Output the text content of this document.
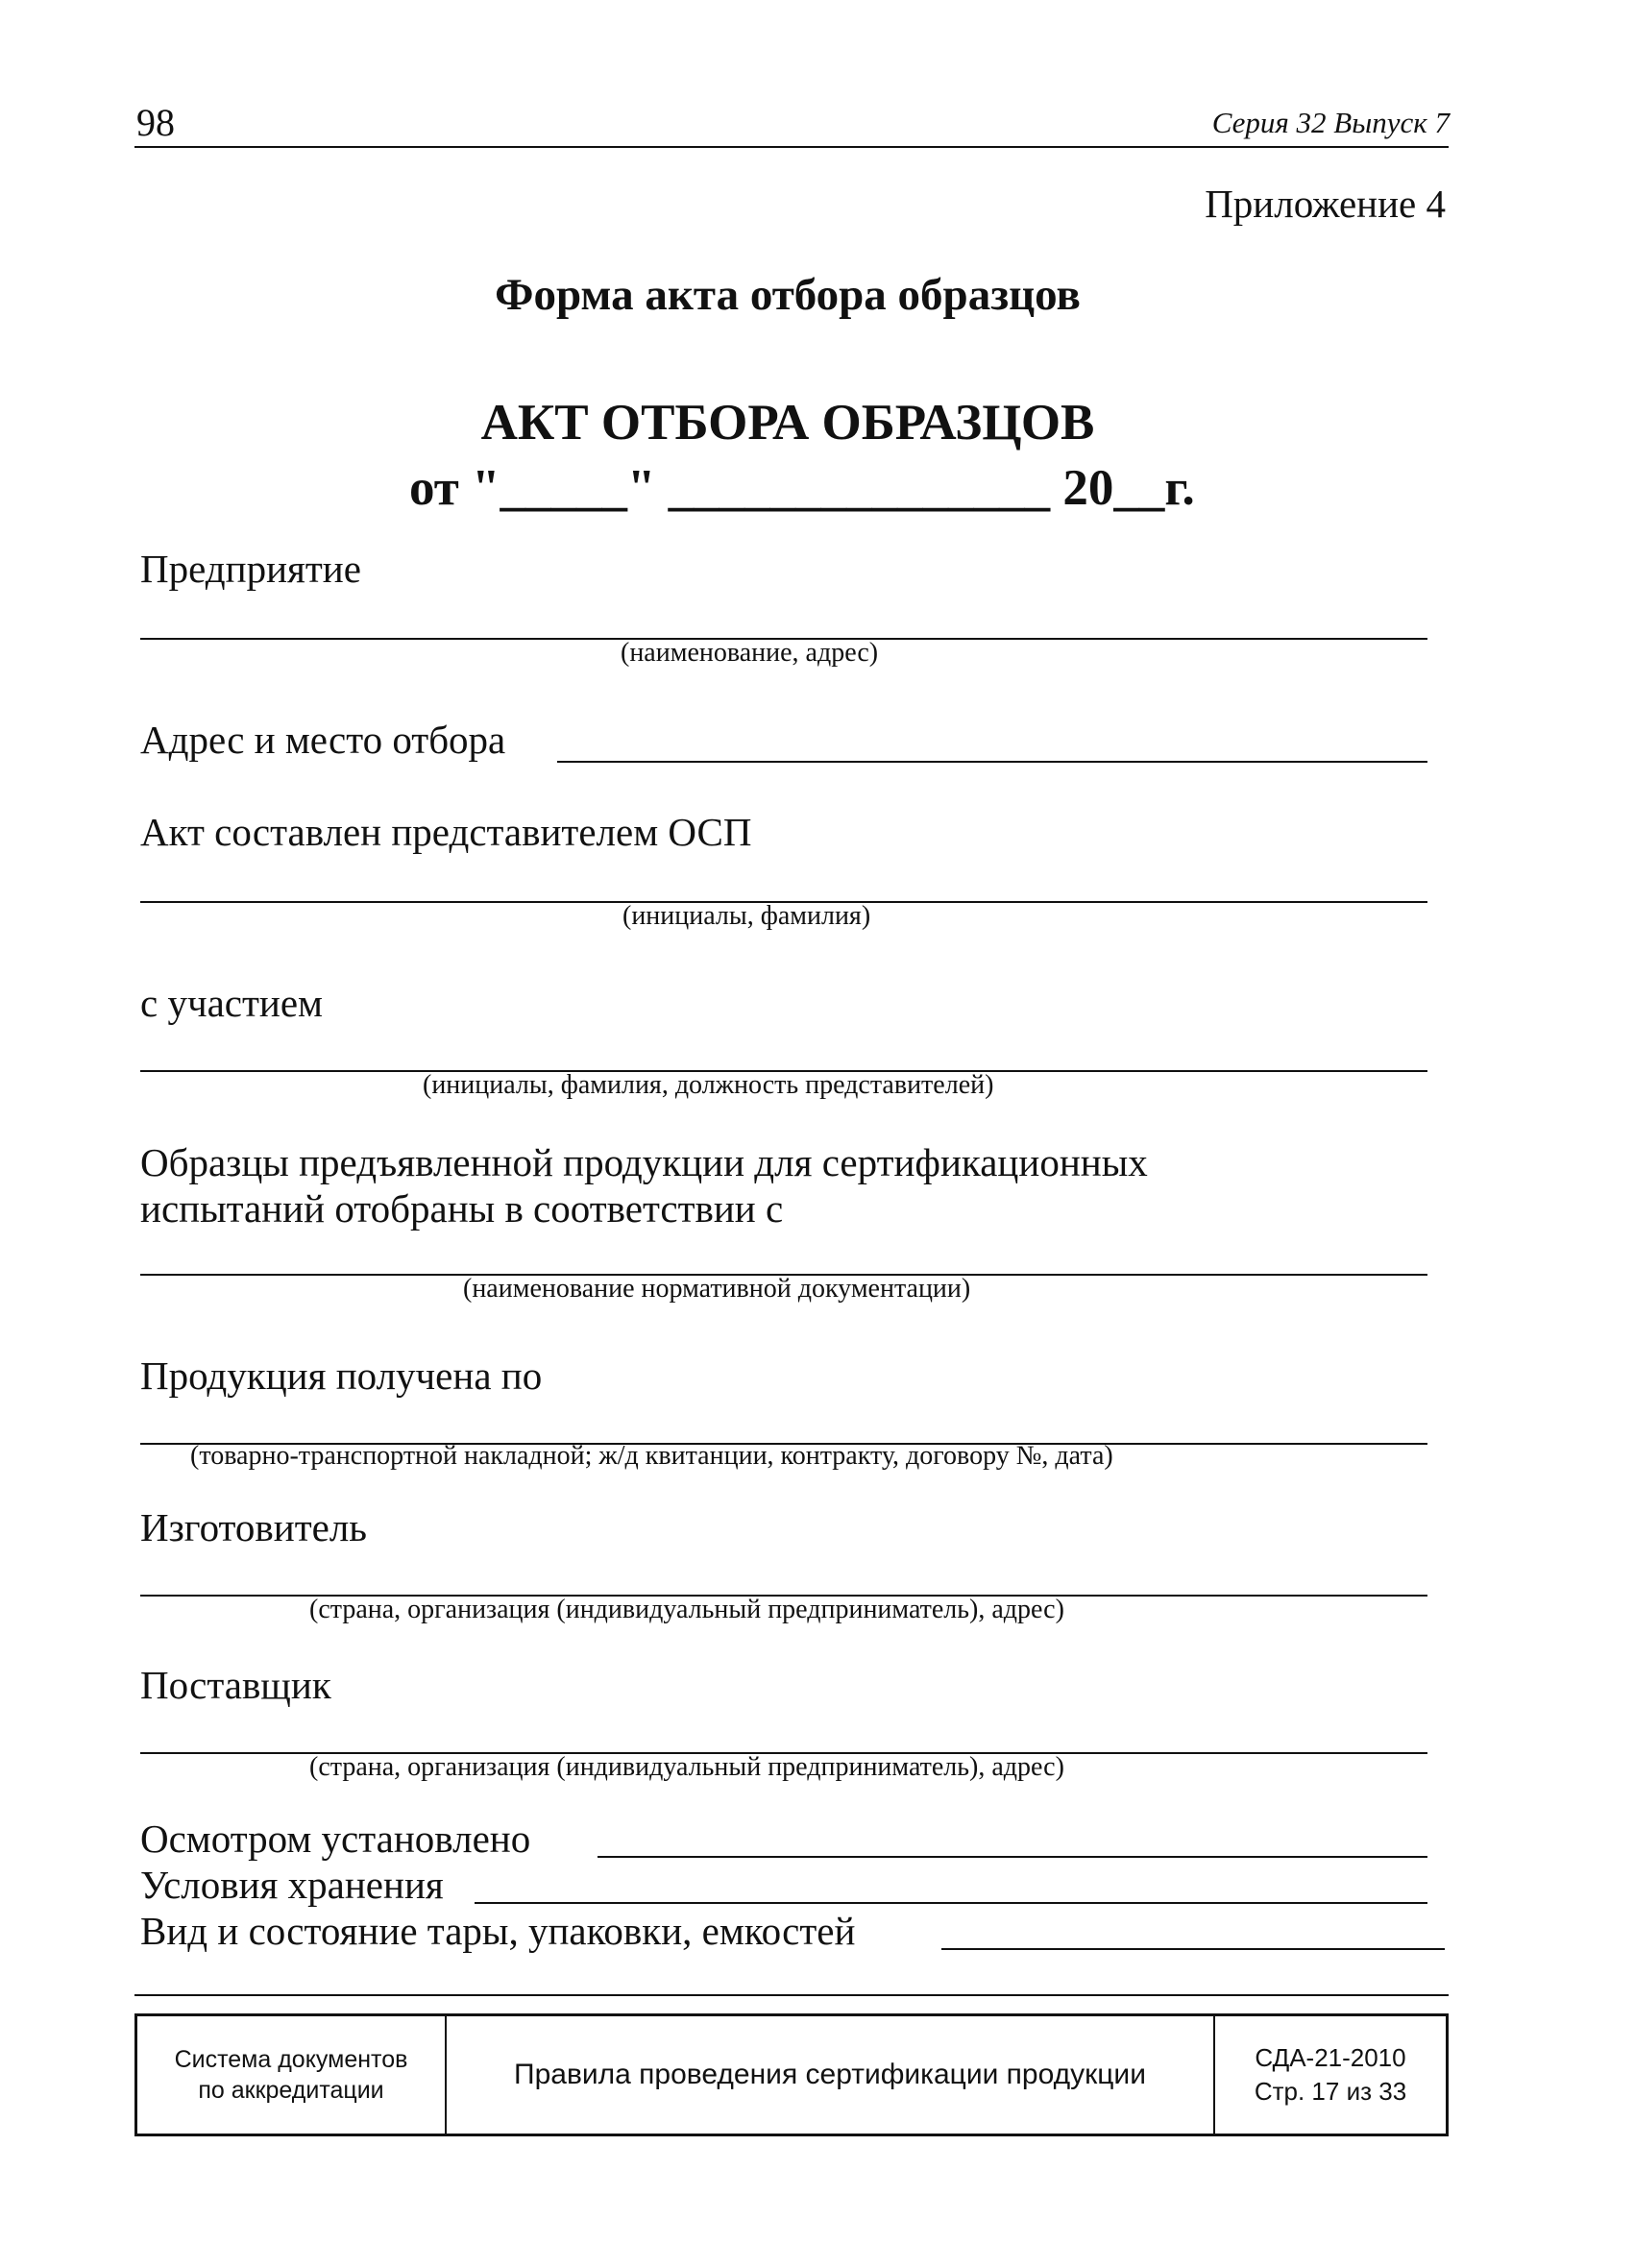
98	Серия 32 Выпуск 7
Приложение 4
Форма акта отбора образцов
АКТ ОТБОРА ОБРАЗЦОВ
от "_____" _______________ 20__г.
Предприятие
(наименование, адрес)
Адрес и место отбора
Акт составлен представителем ОСП
(инициалы, фамилия)
с участием
(инициалы, фамилия, должность представителей)
Образцы предъявленной продукции для сертификационных
испытаний отобраны в соответствии с
(наименование нормативной документации)
Продукция получена по
(товарно-транспортной накладной; ж/д квитанции, контракту, договору №, дата)
Изготовитель
(страна, организация (индивидуальный предприниматель), адрес)
Поставщик
(страна, организация (индивидуальный предприниматель), адрес)
Осмотром установлено
Условия хранения
Вид и состояние тары, упаковки, емкостей
Система документов
по аккредитации	Правила проведения сертификации продукции
СДА-21-2010
Стр. 17 из 33
